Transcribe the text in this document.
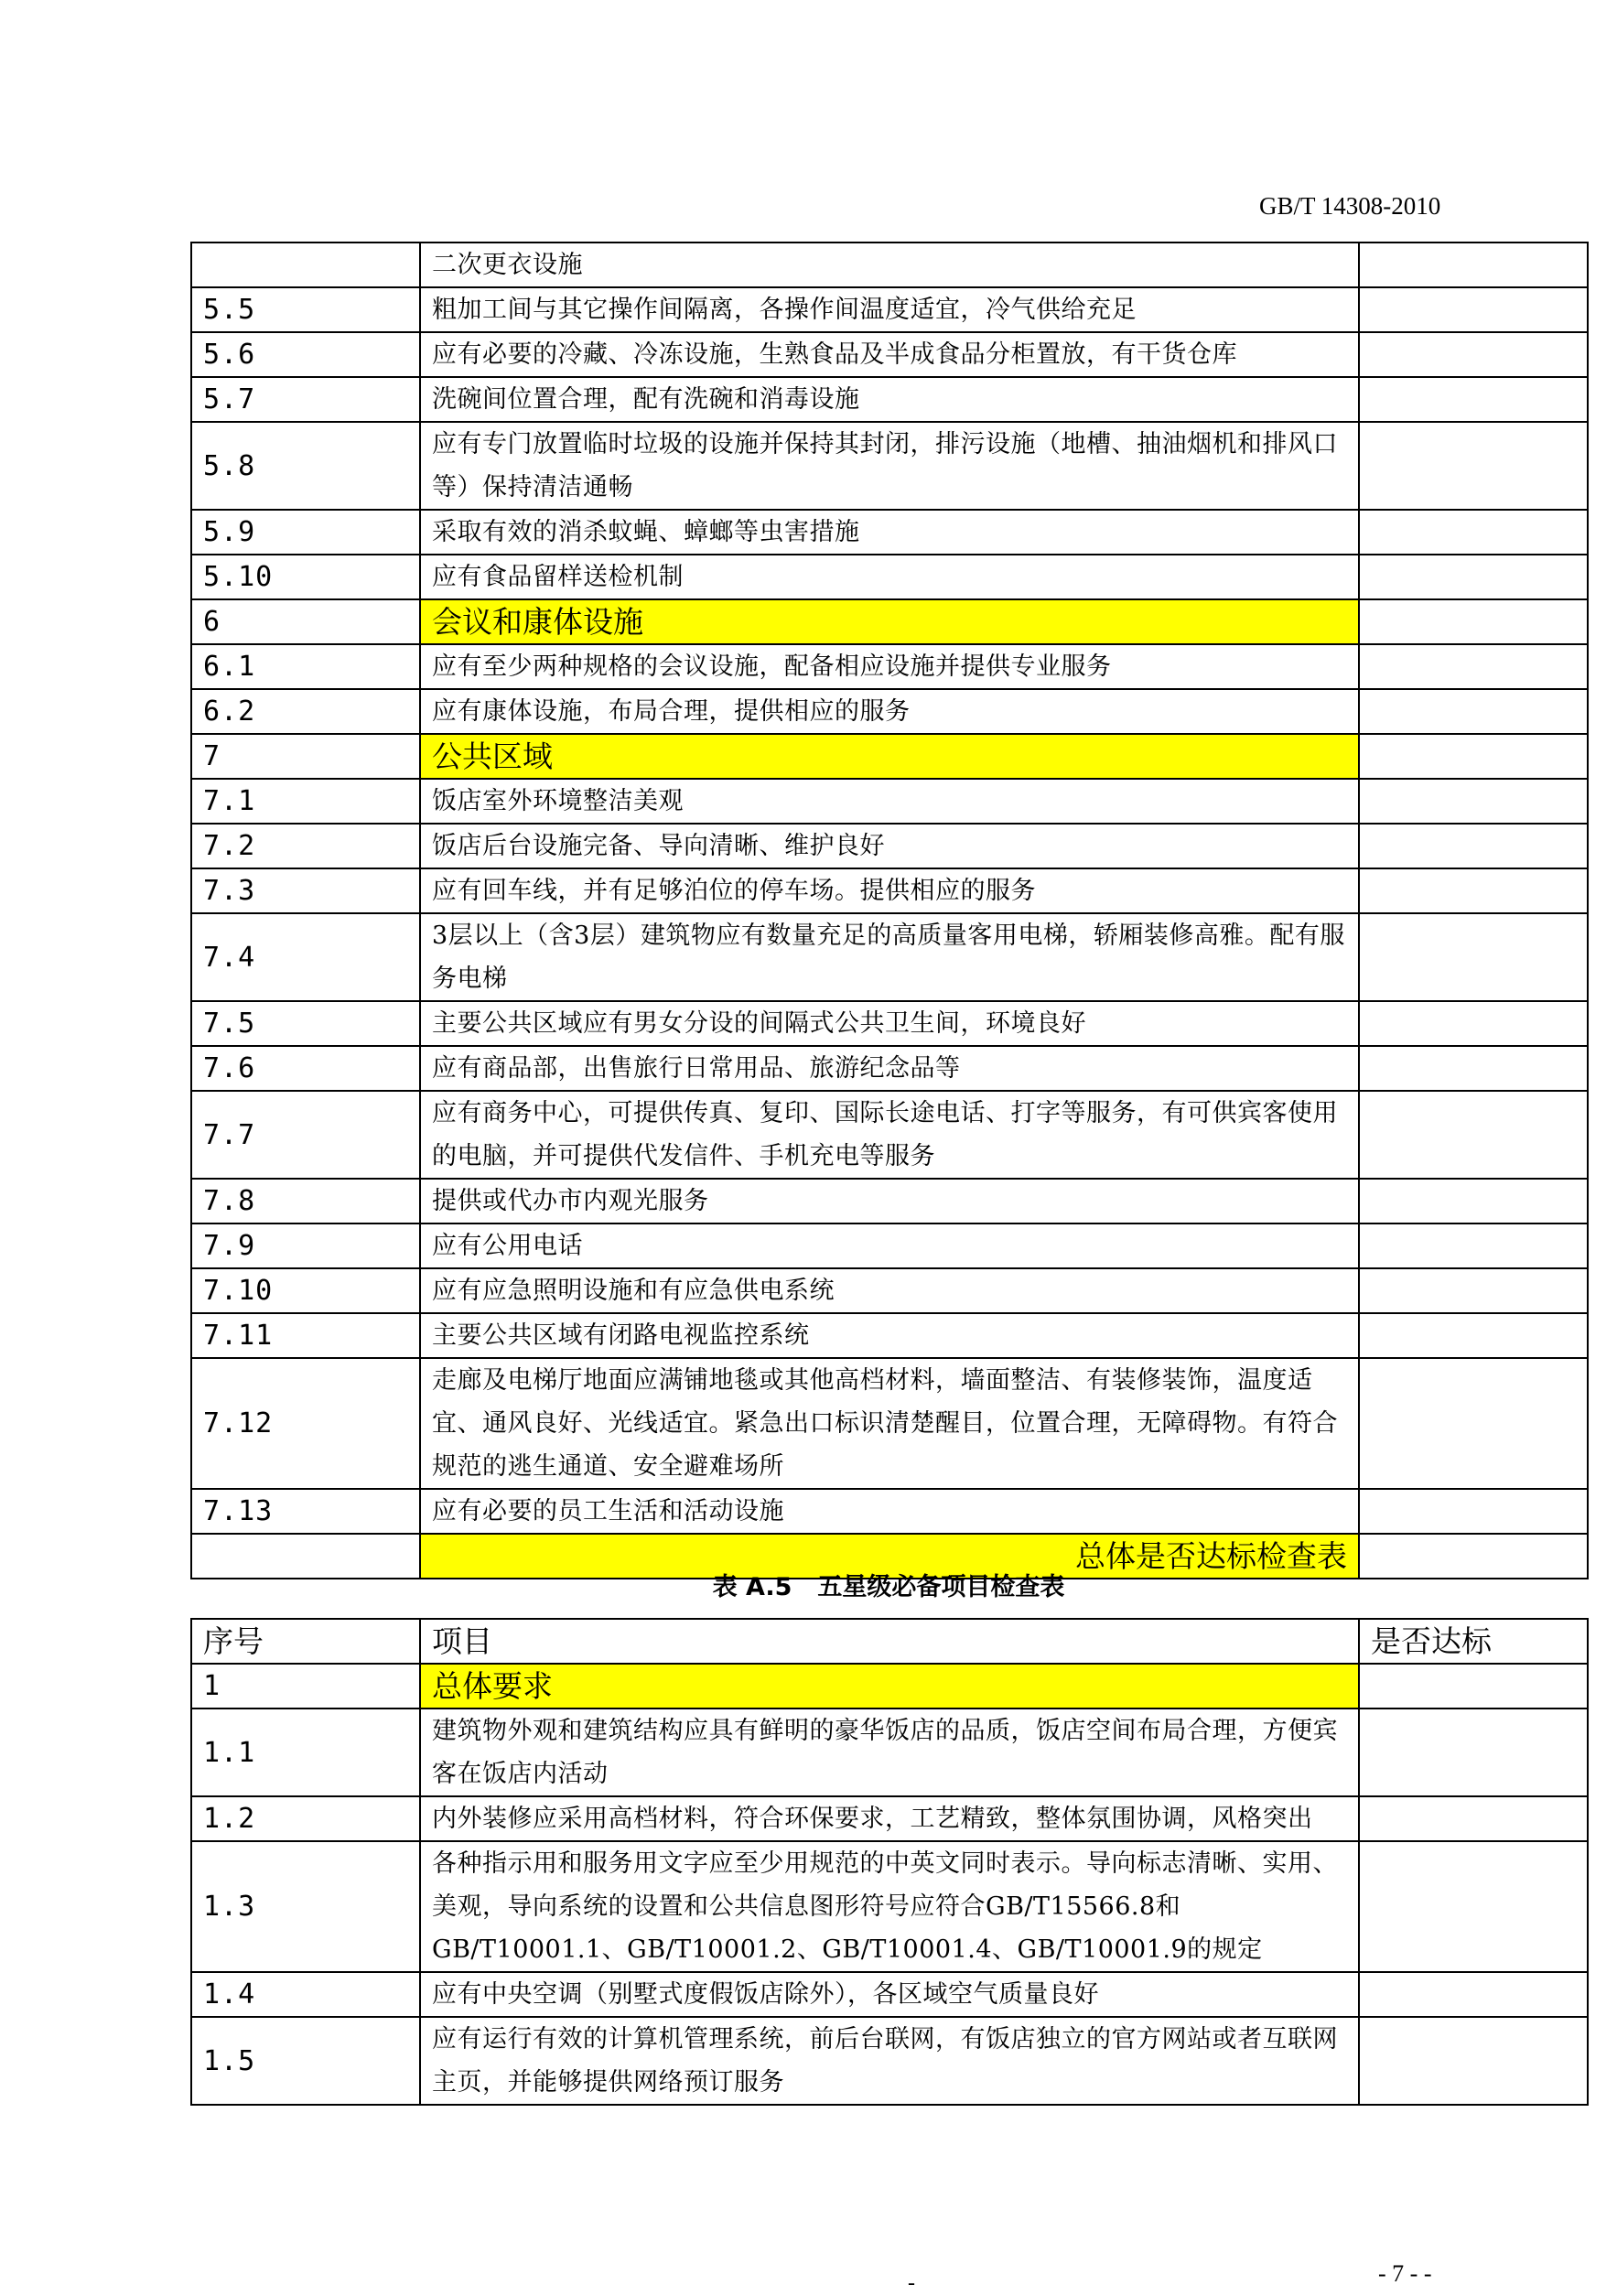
GB/T 14308-2010
	二次更衣设施	
5.5	粗加工间与其它操作间隔离，各操作间温度适宜，冷气供给充足	
5.6	应有必要的冷藏、冷冻设施，生熟食品及半成食品分柜置放，有干货仓库	
5.7	洗碗间位置合理，配有洗碗和消毒设施	
5.8	应有专门放置临时垃圾的设施并保持其封闭，排污设施（地槽、抽油烟机和排风口等）保持清洁通畅	
5.9	采取有效的消杀蚊蝇、蟑螂等虫害措施	
5.10	应有食品留样送检机制	
6	会议和康体设施	
6.1	应有至少两种规格的会议设施，配备相应设施并提供专业服务	
6.2	应有康体设施，布局合理，提供相应的服务	
7	公共区域	
7.1	饭店室外环境整洁美观	
7.2	饭店后台设施完备、导向清晰、维护良好	
7.3	应有回车线，并有足够泊位的停车场。提供相应的服务	
7.4	3层以上（含3层）建筑物应有数量充足的高质量客用电梯，轿厢装修高雅。配有服务电梯	
7.5	主要公共区域应有男女分设的间隔式公共卫生间，环境良好	
7.6	应有商品部，出售旅行日常用品、旅游纪念品等	
7.7	应有商务中心，可提供传真、复印、国际长途电话、打字等服务，有可供宾客使用的电脑，并可提供代发信件、手机充电等服务	
7.8	提供或代办市内观光服务	
7.9	应有公用电话	
7.10	应有应急照明设施和有应急供电系统	
7.11	主要公共区域有闭路电视监控系统	
7.12	走廊及电梯厅地面应满铺地毯或其他高档材料，墙面整洁、有装修装饰，温度适宜、通风良好、光线适宜。紧急出口标识清楚醒目，位置合理，无障碍物。有符合规范的逃生通道、安全避难场所	
7.13	应有必要的员工生活和活动设施	
	总体是否达标检查表	
表 A.5 五星级必备项目检查表
序号	项目	是否达标
1	总体要求	
1.1	建筑物外观和建筑结构应具有鲜明的豪华饭店的品质，饭店空间布局合理，方便宾客在饭店内活动	
1.2	内外装修应采用高档材料，符合环保要求，工艺精致，整体氛围协调，风格突出	
1.3	各种指示用和服务用文字应至少用规范的中英文同时表示。导向标志清晰、实用、美观，导向系统的设置和公共信息图形符号应符合GB/T15566.8和GB/T10001.1、GB/T10001.2、GB/T10001.4、GB/T10001.9的规定	
1.4	应有中央空调（别墅式度假饭店除外），各区域空气质量良好	
1.5	应有运行有效的计算机管理系统，前后台联网，有饭店独立的官方网站或者互联网主页，并能够提供网络预订服务	
-	- 7 - -
